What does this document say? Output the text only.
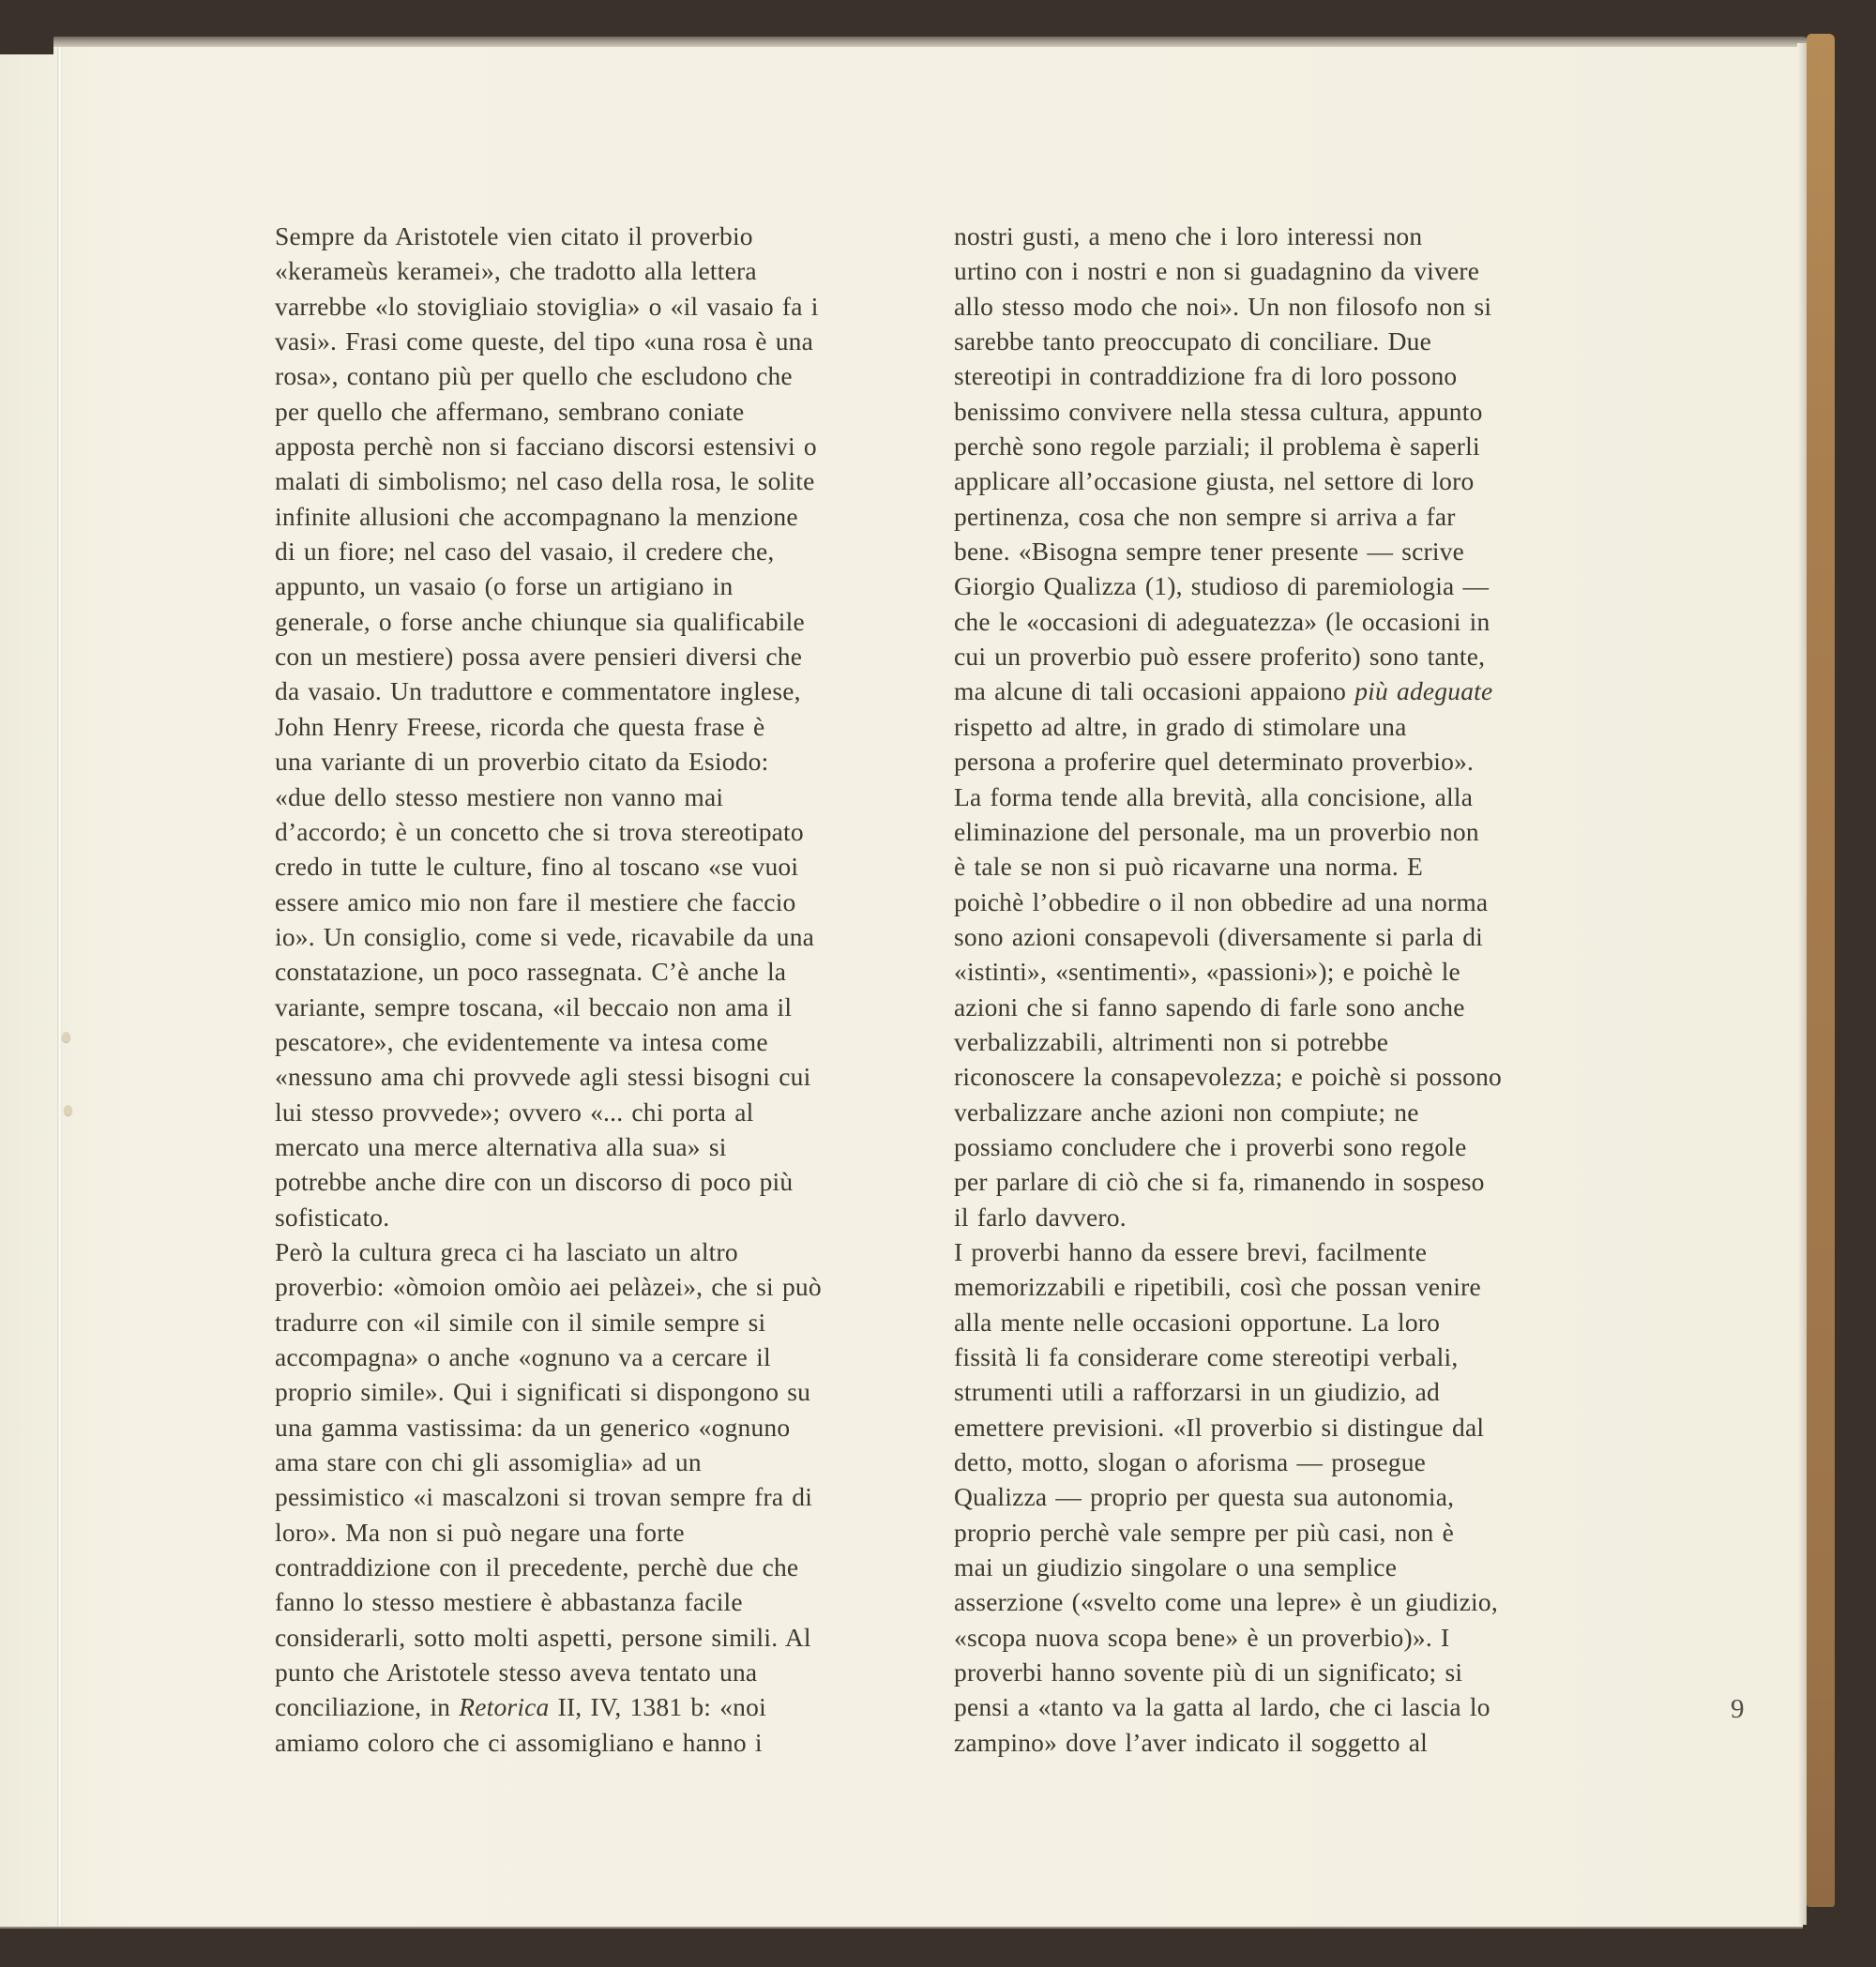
Sempre da Aristotele vien citato il proverbio
«kerameùs keramei», che tradotto alla lettera
varrebbe «lo stovigliaio stoviglia» o «il vasaio fa i
vasi». Frasi come queste, del tipo «una rosa è una
rosa», contano più per quello che escludono che
per quello che affermano, sembrano coniate
apposta perchè non si facciano discorsi estensivi o
malati di simbolismo; nel caso della rosa, le solite
infinite allusioni che accompagnano la menzione
di un fiore; nel caso del vasaio, il credere che,
appunto, un vasaio (o forse un artigiano in
generale, o forse anche chiunque sia qualificabile
con un mestiere) possa avere pensieri diversi che
da vasaio. Un traduttore e commentatore inglese,
John Henry Freese, ricorda che questa frase è
una variante di un proverbio citato da Esiodo:
«due dello stesso mestiere non vanno mai
d’accordo; è un concetto che si trova stereotipato
credo in tutte le culture, fino al toscano «se vuoi
essere amico mio non fare il mestiere che faccio
io». Un consiglio, come si vede, ricavabile da una
constatazione, un poco rassegnata. C’è anche la
variante, sempre toscana, «il beccaio non ama il
pescatore», che evidentemente va intesa come
«nessuno ama chi provvede agli stessi bisogni cui
lui stesso provvede»; ovvero «... chi porta al
mercato una merce alternativa alla sua» si
potrebbe anche dire con un discorso di poco più
sofisticato.
Però la cultura greca ci ha lasciato un altro
proverbio: «òmoion omòio aei pelàzei», che si può
tradurre con «il simile con il simile sempre si
accompagna» o anche «ognuno va a cercare il
proprio simile». Qui i significati si dispongono su
una gamma vastissima: da un generico «ognuno
ama stare con chi gli assomiglia» ad un
pessimistico «i mascalzoni si trovan sempre fra di
loro». Ma non si può negare una forte
contraddizione con il precedente, perchè due che
fanno lo stesso mestiere è abbastanza facile
considerarli, sotto molti aspetti, persone simili. Al
punto che Aristotele stesso aveva tentato una
conciliazione, in Retorica II, IV, 1381 b: «noi
amiamo coloro che ci assomigliano e hanno i
nostri gusti, a meno che i loro interessi non
urtino con i nostri e non si guadagnino da vivere
allo stesso modo che noi». Un non filosofo non si
sarebbe tanto preoccupato di conciliare. Due
stereotipi in contraddizione fra di loro possono
benissimo convivere nella stessa cultura, appunto
perchè sono regole parziali; il problema è saperli
applicare all’occasione giusta, nel settore di loro
pertinenza, cosa che non sempre si arriva a far
bene. «Bisogna sempre tener presente — scrive
Giorgio Qualizza (1), studioso di paremiologia —
che le «occasioni di adeguatezza» (le occasioni in
cui un proverbio può essere proferito) sono tante,
ma alcune di tali occasioni appaiono più adeguate
rispetto ad altre, in grado di stimolare una
persona a proferire quel determinato proverbio».
La forma tende alla brevità, alla concisione, alla
eliminazione del personale, ma un proverbio non
è tale se non si può ricavarne una norma. E
poichè l’obbedire o il non obbedire ad una norma
sono azioni consapevoli (diversamente si parla di
«istinti», «sentimenti», «passioni»); e poichè le
azioni che si fanno sapendo di farle sono anche
verbalizzabili, altrimenti non si potrebbe
riconoscere la consapevolezza; e poichè si possono
verbalizzare anche azioni non compiute; ne
possiamo concludere che i proverbi sono regole
per parlare di ciò che si fa, rimanendo in sospeso
il farlo davvero.
I proverbi hanno da essere brevi, facilmente
memorizzabili e ripetibili, così che possan venire
alla mente nelle occasioni opportune. La loro
fissità li fa considerare come stereotipi verbali,
strumenti utili a rafforzarsi in un giudizio, ad
emettere previsioni. «Il proverbio si distingue dal
detto, motto, slogan o aforisma — prosegue
Qualizza — proprio per questa sua autonomia,
proprio perchè vale sempre per più casi, non è
mai un giudizio singolare o una semplice
asserzione («svelto come una lepre» è un giudizio,
«scopa nuova scopa bene» è un proverbio)». I
proverbi hanno sovente più di un significato; si
pensi a «tanto va la gatta al lardo, che ci lascia lo
zampino» dove l’aver indicato il soggetto al
9
